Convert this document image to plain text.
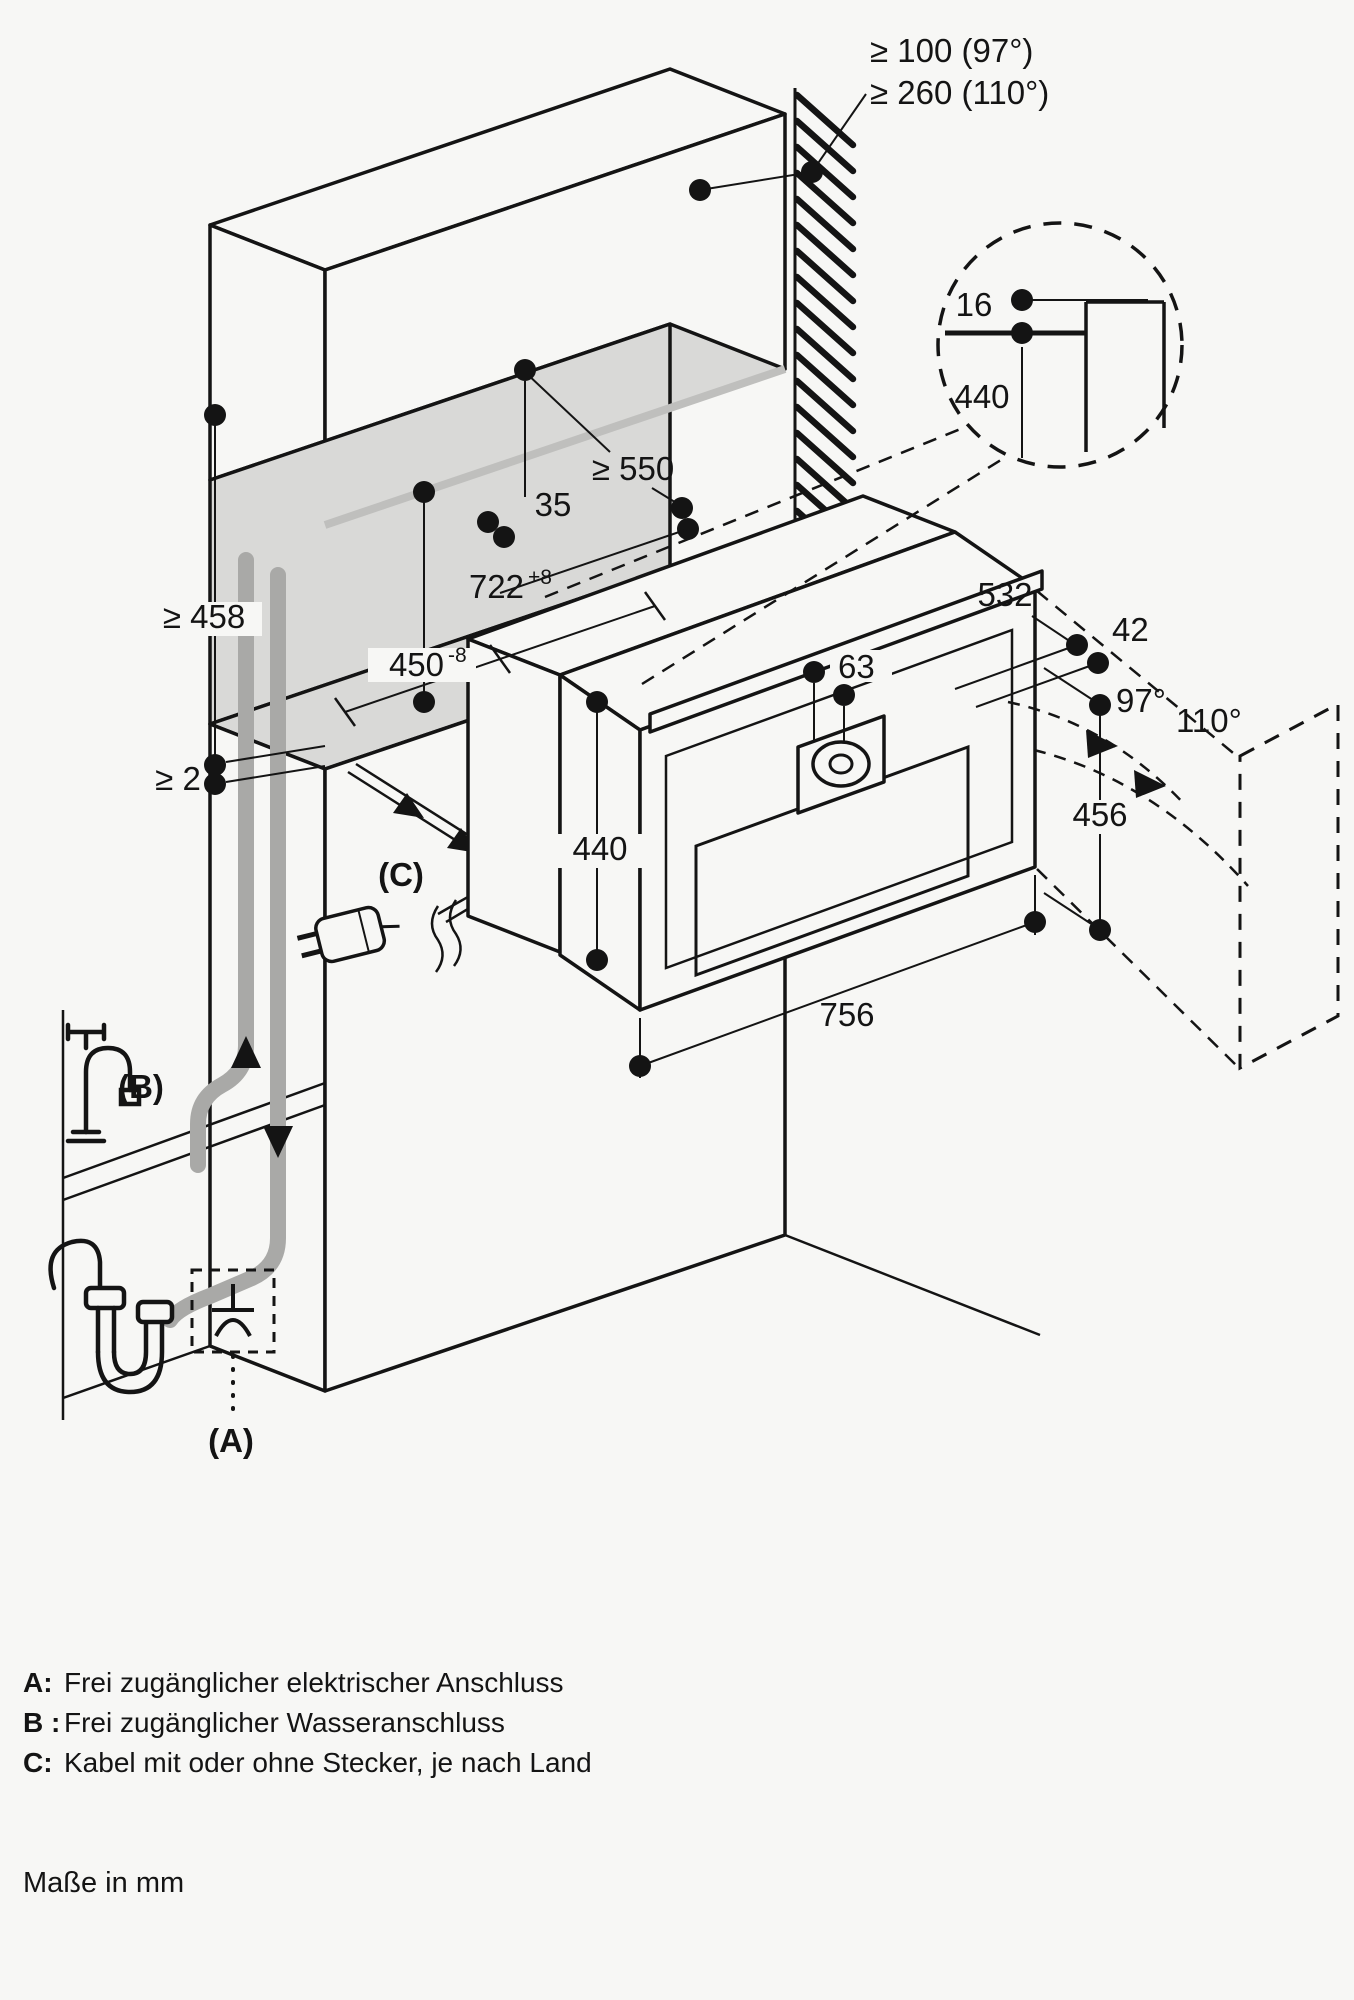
16
440
≥ 100 (97°)
≥ 260 (110°)
≥ 550
35
722 +8
450 -8
≥ 458
≥ 2
532
42
97°
110°
63
440
456
756
(C)
(B)
(A)
A: Frei zugänglicher elektrischer Anschluss
B : Frei zugänglicher Wasseranschluss
C: Kabel mit oder ohne Stecker, je nach Land
Maße in mm
